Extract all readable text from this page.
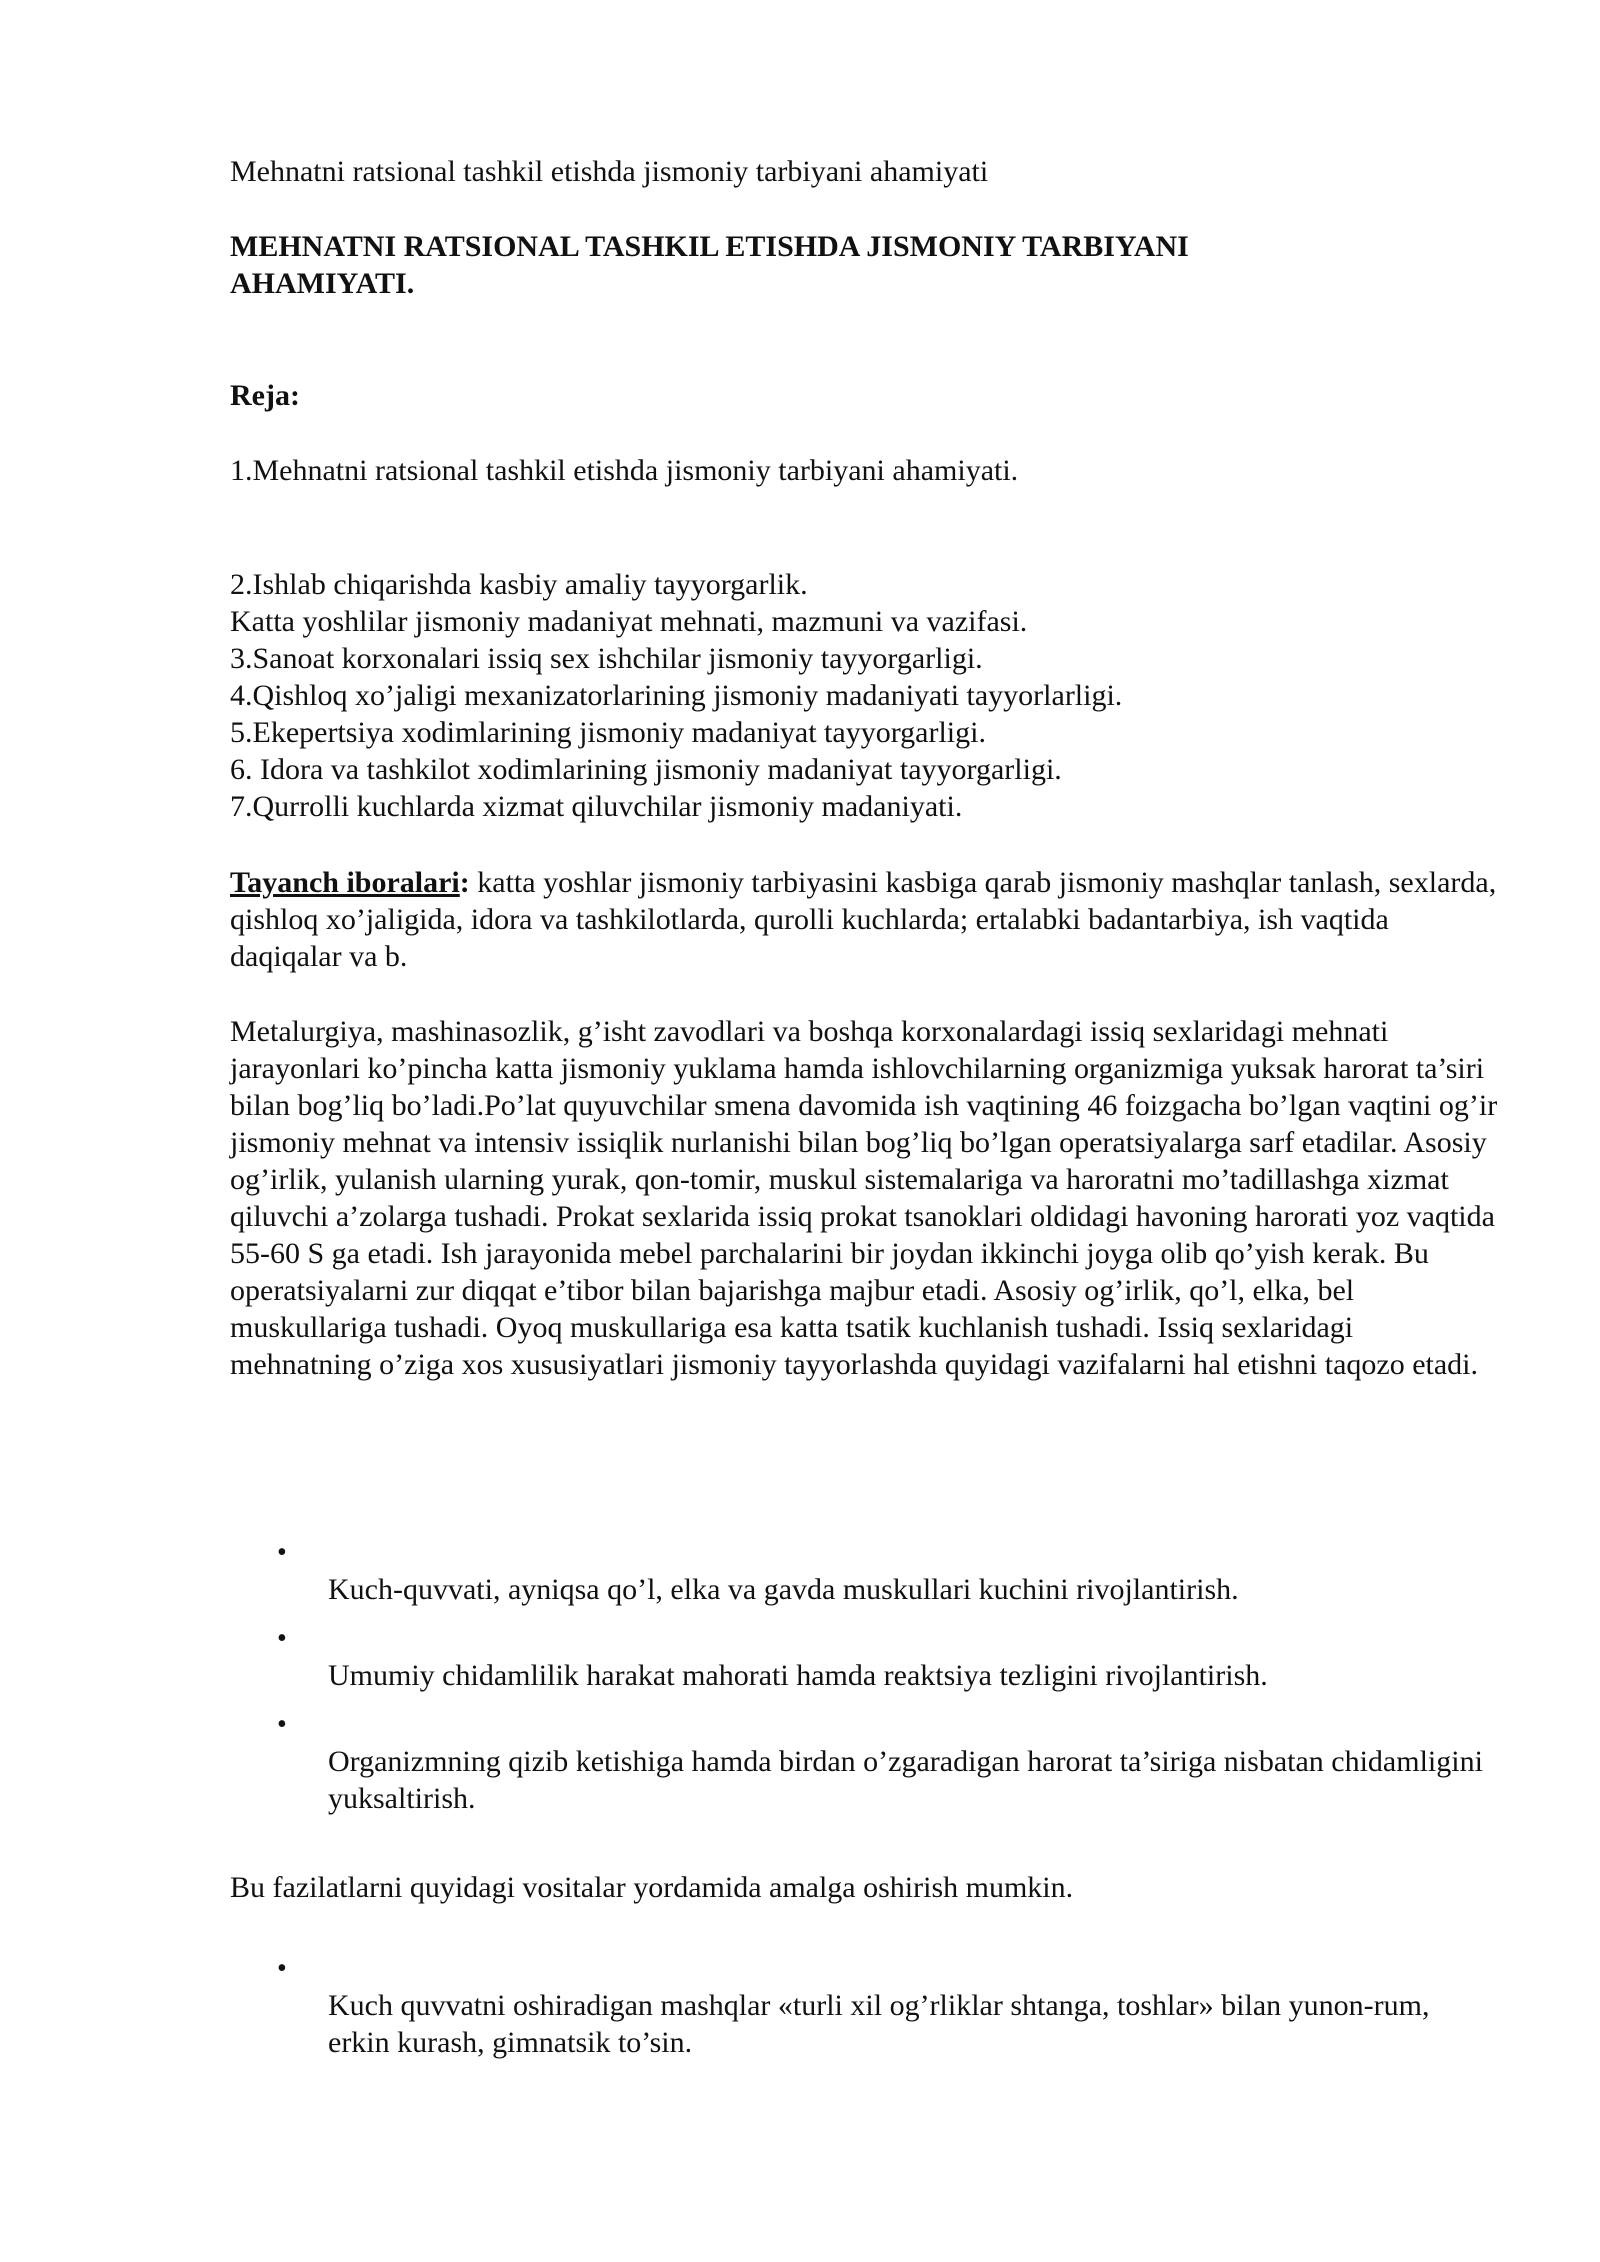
Mehnatni ratsional tashkil etishda jismoniy tarbiyani ahamiyati
MEHNATNI RATSIONAL TASHKIL ETISHDA JISMONIY TARBIYANI AHAMIYATI.
Reja:
1.Mehnatni ratsional tashkil etishda jismoniy tarbiyani ahamiyati.
2.Ishlab chiqarishda kasbiy amaliy tayyorgarlik.
Katta yoshlilar jismoniy madaniyat mehnati, mazmuni va vazifasi.
3.Sanoat korxonalari issiq sex ishchilar jismoniy tayyorgarligi.
4.Qishloq xo’jaligi mexanizatorlarining jismoniy madaniyati tayyorlarligi.
5.Ekepertsiya xodimlarining jismoniy madaniyat tayyorgarligi.
6. Idora va tashkilot xodimlarining jismoniy madaniyat tayyorgarligi.
7.Qurrolli kuchlarda xizmat qiluvchilar jismoniy madaniyati.

Tayanch iboralari: katta yoshlar jismoniy tarbiyasini kasbiga qarab jismoniy mashqlar tanlash, sexlarda, qishloq xo’jaligida, idora va tashkilotlarda, qurolli kuchlarda; ertalabki badantarbiya, ish vaqtida daqiqalar va b.

Metalurgiya, mashinasozlik, g’isht zavodlari va boshqa korxonalardagi issiq sexlaridagi mehnati jarayonlari ko’pincha katta jismoniy yuklama hamda ishlovchilarning organizmiga yuksak harorat ta’siri bilan bog’liq bo’ladi.Po’lat quyuvchilar smena davomida ish vaqtining 46 foizgacha bo’lgan vaqtini og’ir jismoniy mehnat va intensiv issiqlik nurlanishi bilan bog’liq bo’lgan operatsiyalarga sarf etadilar. Asosiy og’irlik, yulanish ularning yurak, qon-tomir, muskul sistemalariga va haroratni mo’tadillashga xizmat qiluvchi a’zolarga tushadi. Prokat sexlarida issiq prokat tsanoklari oldidagi havoning harorati yoz vaqtida 55-60 S ga etadi. Ish jarayonida mebel parchalarini bir joydan ikkinchi joyga olib qo’yish kerak. Bu operatsiyalarni zur diqqat e’tibor bilan bajarishga majbur etadi. Asosiy og’irlik, qo’l, elka, bel muskullariga tushadi. Oyoq muskullariga esa katta tsatik kuchlanish tushadi. Issiq sexlaridagi mehnatning o’ziga xos xususiyatlari jismoniy tayyorlashda quyidagi vazifalarni hal etishni taqozo etadi.

•
Kuch-quvvati, ayniqsa qo’l, elka va gavda muskullari kuchini rivojlantirish.
•
Umumiy chidamlilik harakat mahorati hamda reaktsiya tezligini rivojlantirish.
•
Organizmning qizib ketishiga hamda birdan o’zgaradigan harorat ta’siriga nisbatan chidamligini yuksaltirish.

Bu fazilatlarni quyidagi vositalar yordamida amalga oshirish mumkin.

•
Kuch quvvatni oshiradigan mashqlar «turli xil og’rliklar shtanga, toshlar» bilan yunon-rum, erkin kurash, gimnatsik to’sin.
